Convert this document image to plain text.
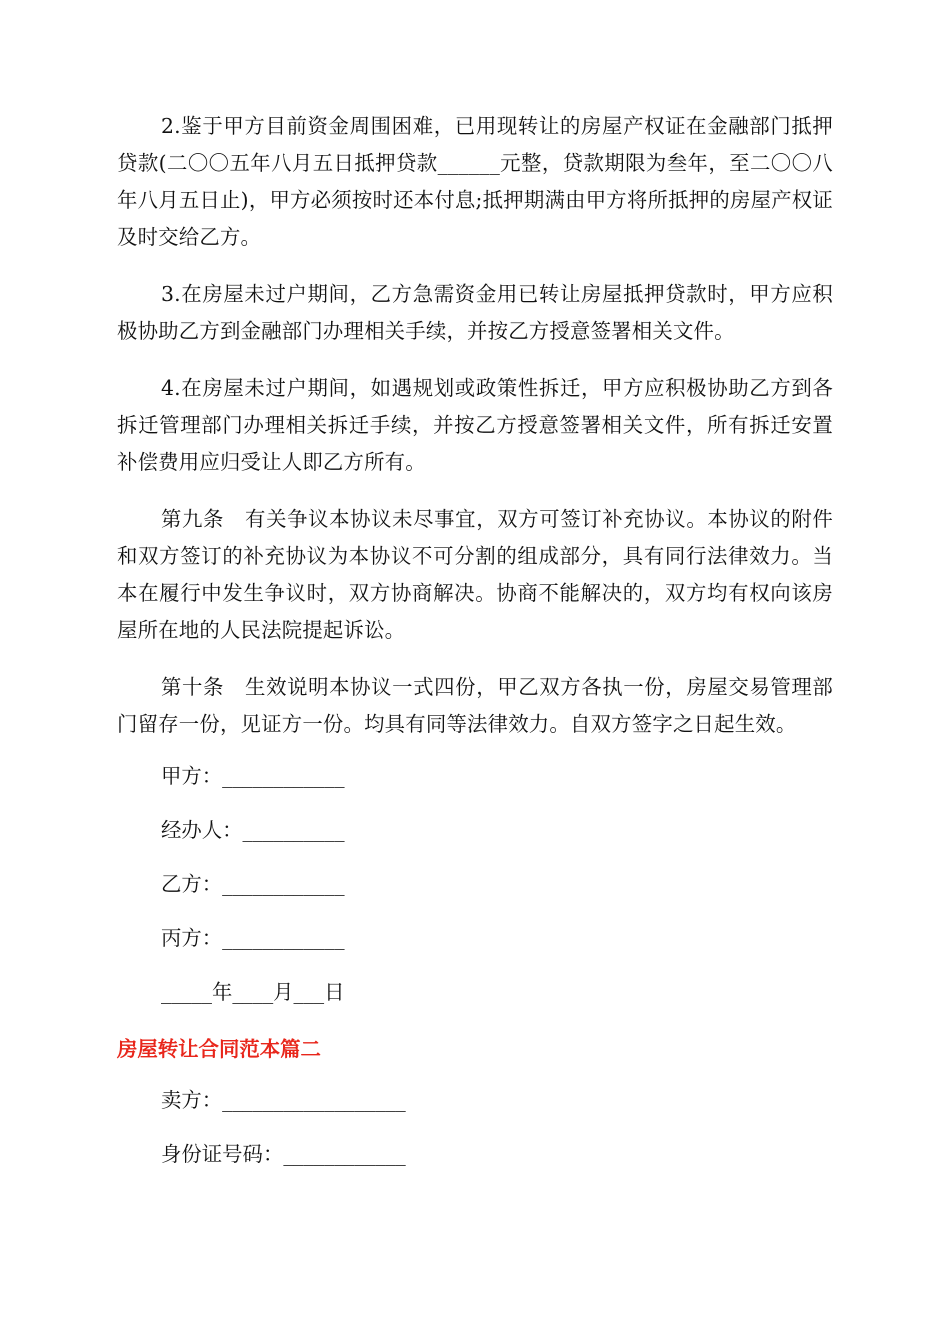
2.鉴于甲方目前资金周围困难，已用现转让的房屋产权证在金融部门抵押贷款(二〇〇五年八月五日抵押贷款______元整，贷款期限为叁年，至二〇〇八年八月五日止)，甲方必须按时还本付息;抵押期满由甲方将所抵押的房屋产权证及时交给乙方。

3.在房屋未过户期间，乙方急需资金用已转让房屋抵押贷款时，甲方应积极协助乙方到金融部门办理相关手续，并按乙方授意签署相关文件。

4.在房屋未过户期间，如遇规划或政策性拆迁，甲方应积极协助乙方到各拆迁管理部门办理相关拆迁手续，并按乙方授意签署相关文件，所有拆迁安置补偿费用应归受让人即乙方所有。

第九条　有关争议本协议未尽事宜，双方可签订补充协议。本协议的附件和双方签订的补充协议为本协议不可分割的组成部分，具有同行法律效力。当本在履行中发生争议时，双方协商解决。协商不能解决的，双方均有权向该房屋所在地的人民法院提起诉讼。

第十条　生效说明本协议一式四份，甲乙双方各执一份，房屋交易管理部门留存一份，见证方一份。均具有同等法律效力。自双方签字之日起生效。

甲方：____________

经办人：__________

乙方：____________

丙方：____________

_____年____月___日

房屋转让合同范本篇二

卖方：__________________

身份证号码：____________
